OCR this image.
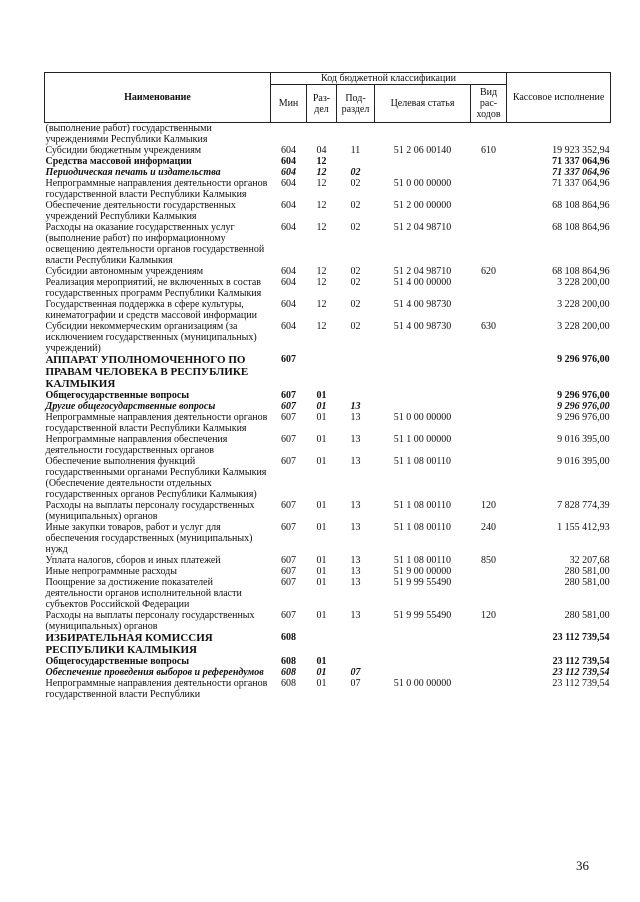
Наименование	Код бюджетной классификации					Кассовое исполнение
	Мин	Раз-дел	Под-раздел	Целевая статья	Вид рас-ходов	
(выполнение работ) государственными учреждениями Республики Калмыкия						
Субсидии бюджетным учреждениям	604	04	11	51 2 06 00140	610	19 923 352,94
Средства массовой информации	604	12				71 337 064,96
Периодическая печать и издательства	604	12	02			71 337 064,96
Непрограммные направления деятельности органов государственной власти Республики Калмыкия	604	12	02	51 0 00 00000		71 337 064,96
Обеспечение деятельности государственных учреждений Республики Калмыкия	604	12	02	51 2 00 00000		68 108 864,96
Расходы на оказание государственных услуг (выполнение работ) по информационному освещению деятельности органов государственной власти Республики Калмыкия	604	12	02	51 2 04 98710		68 108 864,96
Субсидии автономным учреждениям	604	12	02	51 2 04 98710	620	68 108 864,96
Реализация мероприятий, не включенных в состав государственных программ Республики Калмыкия	604	12	02	51 4 00 00000		3 228 200,00
Государственная поддержка в сфере культуры, кинематографии и средств массовой информации	604	12	02	51 4 00 98730		3 228 200,00
Субсидии некоммерческим организациям (за исключением государственных (муниципальных) учреждений)	604	12	02	51 4 00 98730	630	3 228 200,00
АППАРАТ УПОЛНОМОЧЕННОГО ПО ПРАВАМ ЧЕЛОВЕКА В РЕСПУБЛИКЕ КАЛМЫКИЯ	607					9 296 976,00
Общегосударственные вопросы	607	01				9 296 976,00
Другие общегосударственные вопросы	607	01	13			9 296 976,00
Непрограммные направления деятельности органов государственной власти Республики Калмыкия	607	01	13	51 0 00 00000		9 296 976,00
Непрограммные направления обеспечения деятельности государственных органов	607	01	13	51 1 00 00000		9 016 395,00
Обеспечение выполнения функций государственными органами Республики Калмыкия (Обеспечение деятельности отдельных государственных органов Республики Калмыкия)	607	01	13	51 1 08 00110		9 016 395,00
Расходы на выплаты персоналу государственных (муниципальных) органов	607	01	13	51 1 08 00110	120	7 828 774,39
Иные закупки товаров, работ и услуг для обеспечения государственных (муниципальных) нужд	607	01	13	51 1 08 00110	240	1 155 412,93
Уплата налогов, сборов и иных платежей	607	01	13	51 1 08 00110	850	32 207,68
Иные непрограммные расходы	607	01	13	51 9 00 00000		280 581,00
Поощрение за достижение показателей деятельности органов исполнительной власти субъектов Российской Федерации	607	01	13	51 9 99 55490		280 581,00
Расходы на выплаты персоналу государственных (муниципальных) органов	607	01	13	51 9 99 55490	120	280 581,00
ИЗБИРАТЕЛЬНАЯ КОМИССИЯ РЕСПУБЛИКИ КАЛМЫКИЯ	608					23 112 739,54
Общегосударственные вопросы	608	01				23 112 739,54
Обеспечение проведения выборов и референдумов	608	01	07			23 112 739,54
Непрограммные направления деятельности органов государственной власти Республики	608	01	07	51 0 00 00000		23 112 739,54
36
